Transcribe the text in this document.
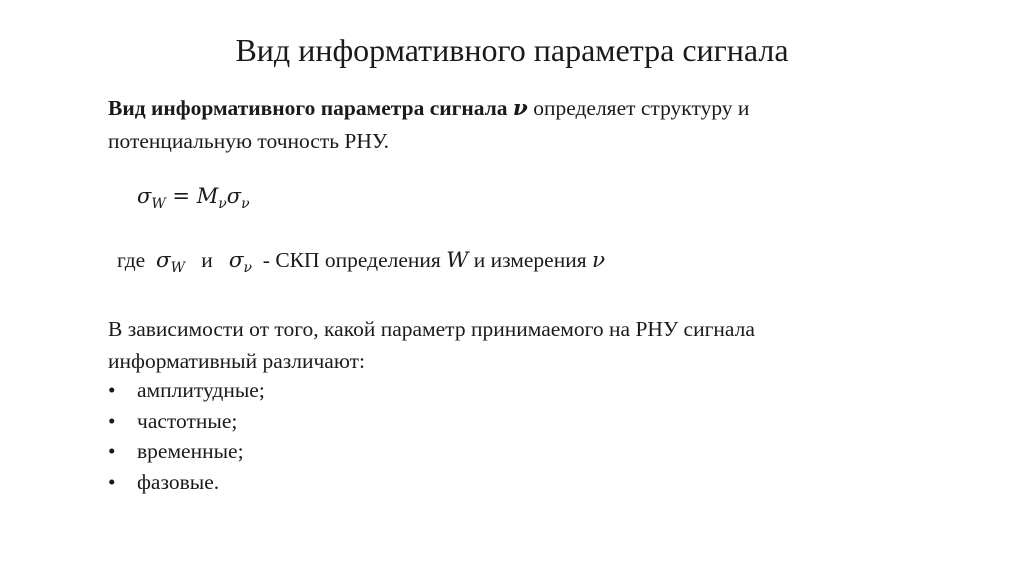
Вид информативного параметра сигнала
Вид информативного параметра сигнала ν определяет структуру и
потенциальную точность РНУ.
$\sigma_W = M_\nu\sigma_\nu$
где  $\sigma_W$   и   $\sigma_\nu$  - СКП определения W и измерения ν
В зависимости от того, какой параметр принимаемого на РНУ сигнала
информативный различают:
• амплитудные;
• частотные;
• временные;
• фазовые.
